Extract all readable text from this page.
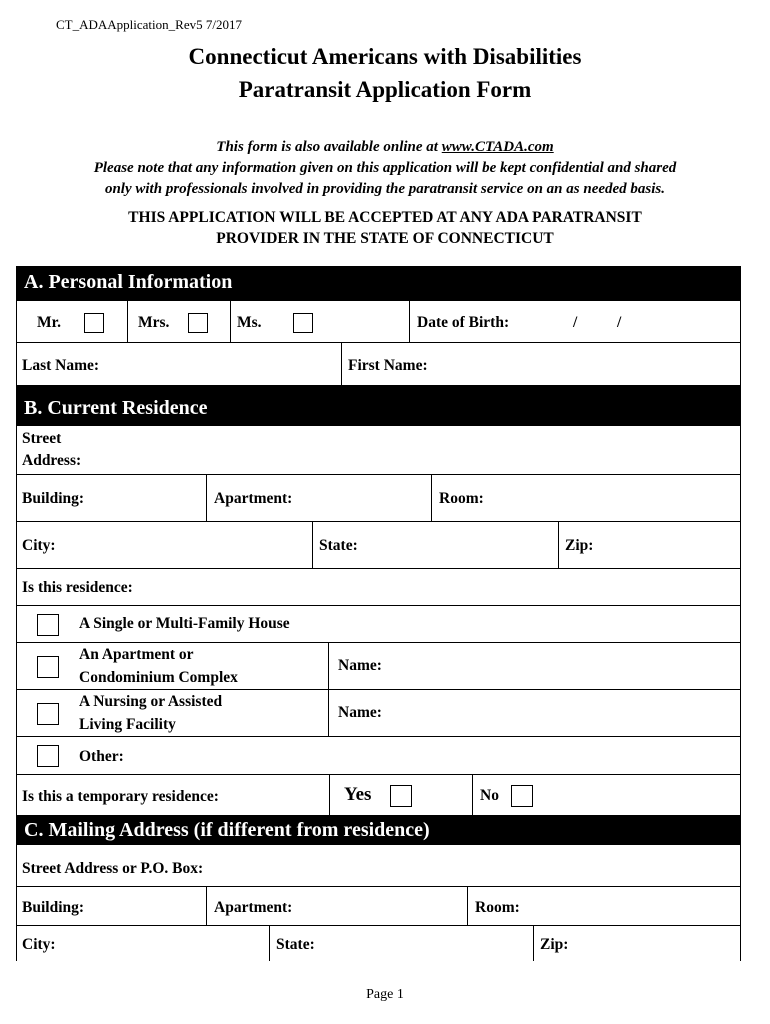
CT_ADAApplication_Rev5 7/2017
Connecticut Americans with Disabilities
Paratransit Application Form
This form is also available online at www.CTADA.com
Please note that any information given on this application will be kept confidential and shared
only with professionals involved in providing the paratransit service on an as needed basis.
THIS APPLICATION WILL BE ACCEPTED AT ANY ADA PARATRANSIT
PROVIDER IN THE STATE OF CONNECTICUT
A. Personal Information
Mr.	Mrs.	Ms.	Date of Birth:	/	/
Last Name:	First Name:
B. Current Residence
Street
Address:
Building:	Apartment:	Room:
City:	State:	Zip:
Is this residence:
A Single or Multi-Family House
An Apartment or
Condominium Complex
Name:
A Nursing or Assisted
Living Facility
Name:
Other:
Is this a temporary residence:	Yes	No
C. Mailing Address (if different from residence)
Street Address or P.O. Box:
Building:	Apartment:	Room:
City:	State:	Zip:
Page 1
